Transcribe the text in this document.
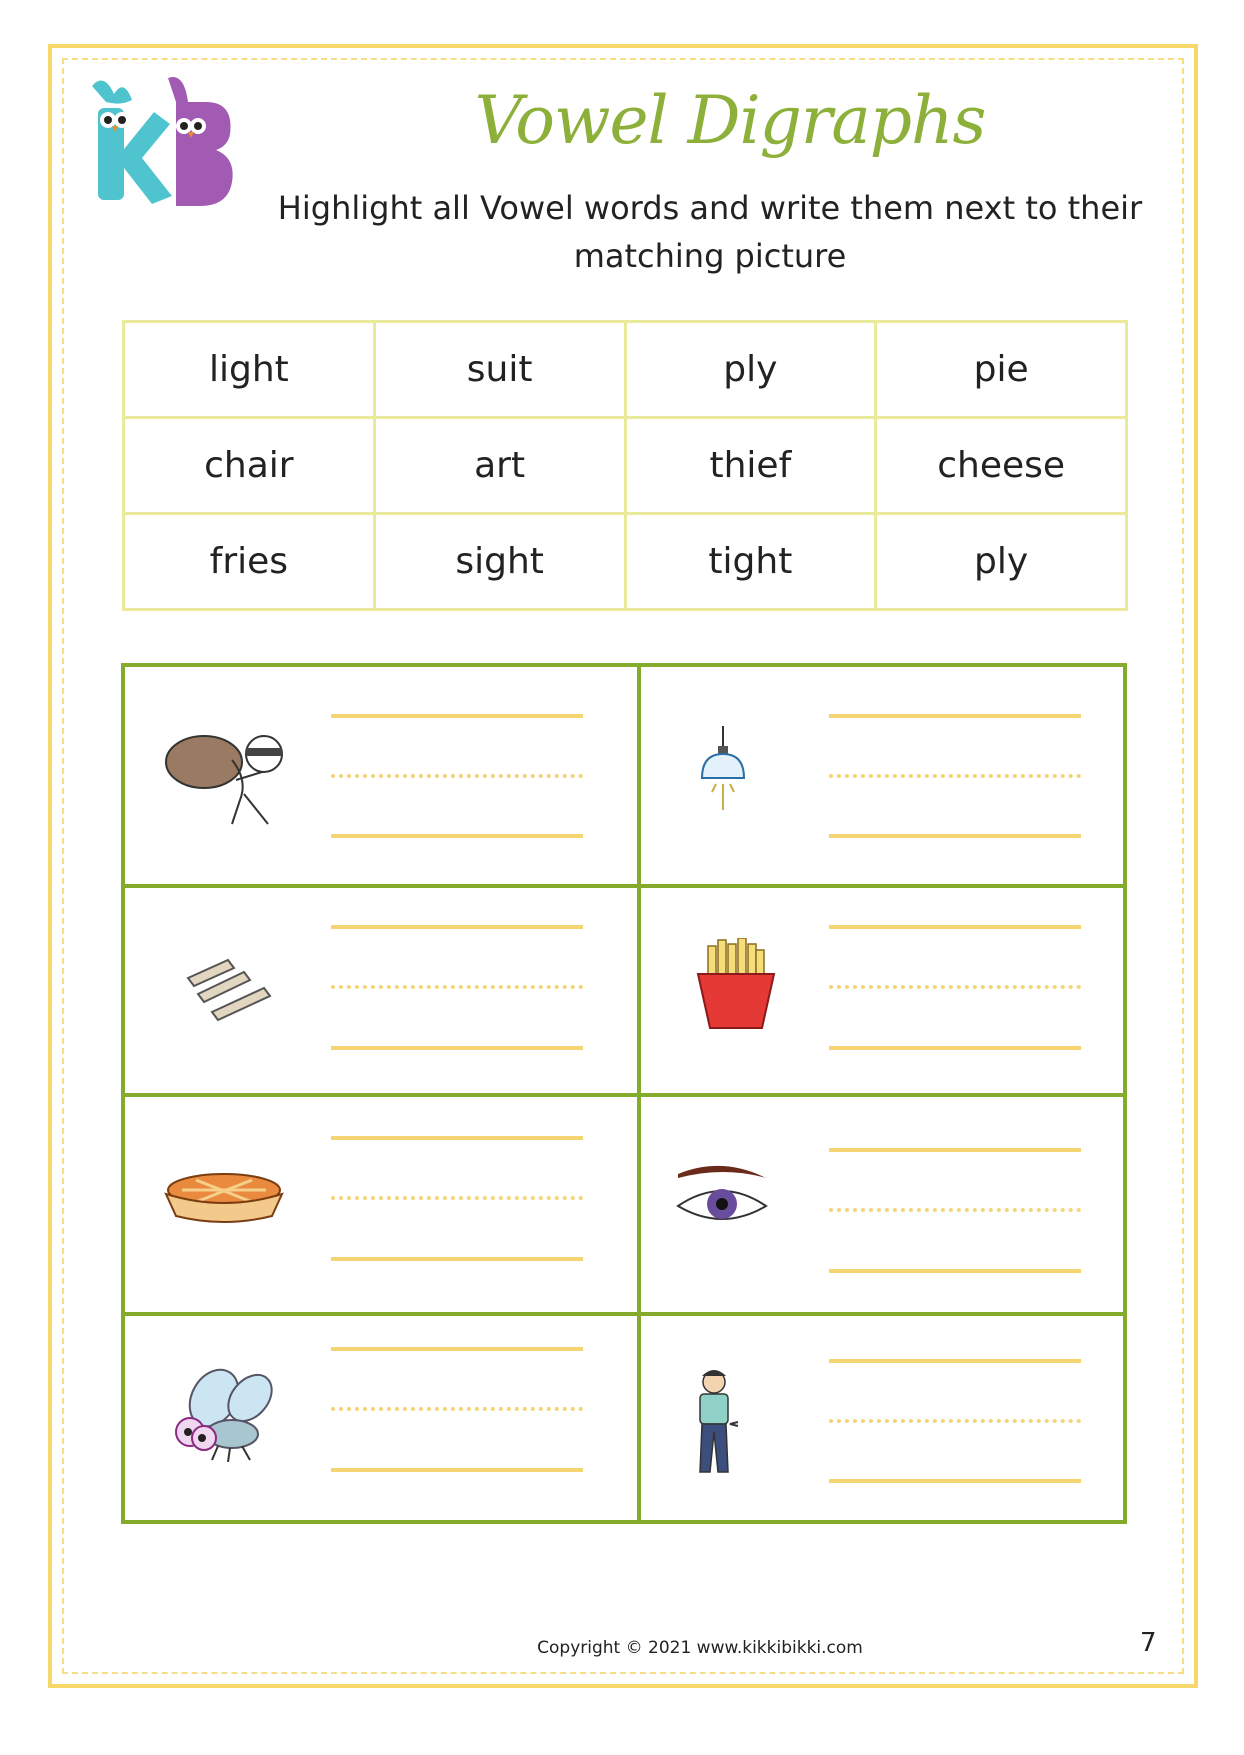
Vowel Digraphs
Highlight all Vowel words and write them next to their matching picture
light	suit	ply	pie
chair	art	thief	cheese
fries	sight	tight	ply
Copyright © 2021 www.kikkibikki.com	7
